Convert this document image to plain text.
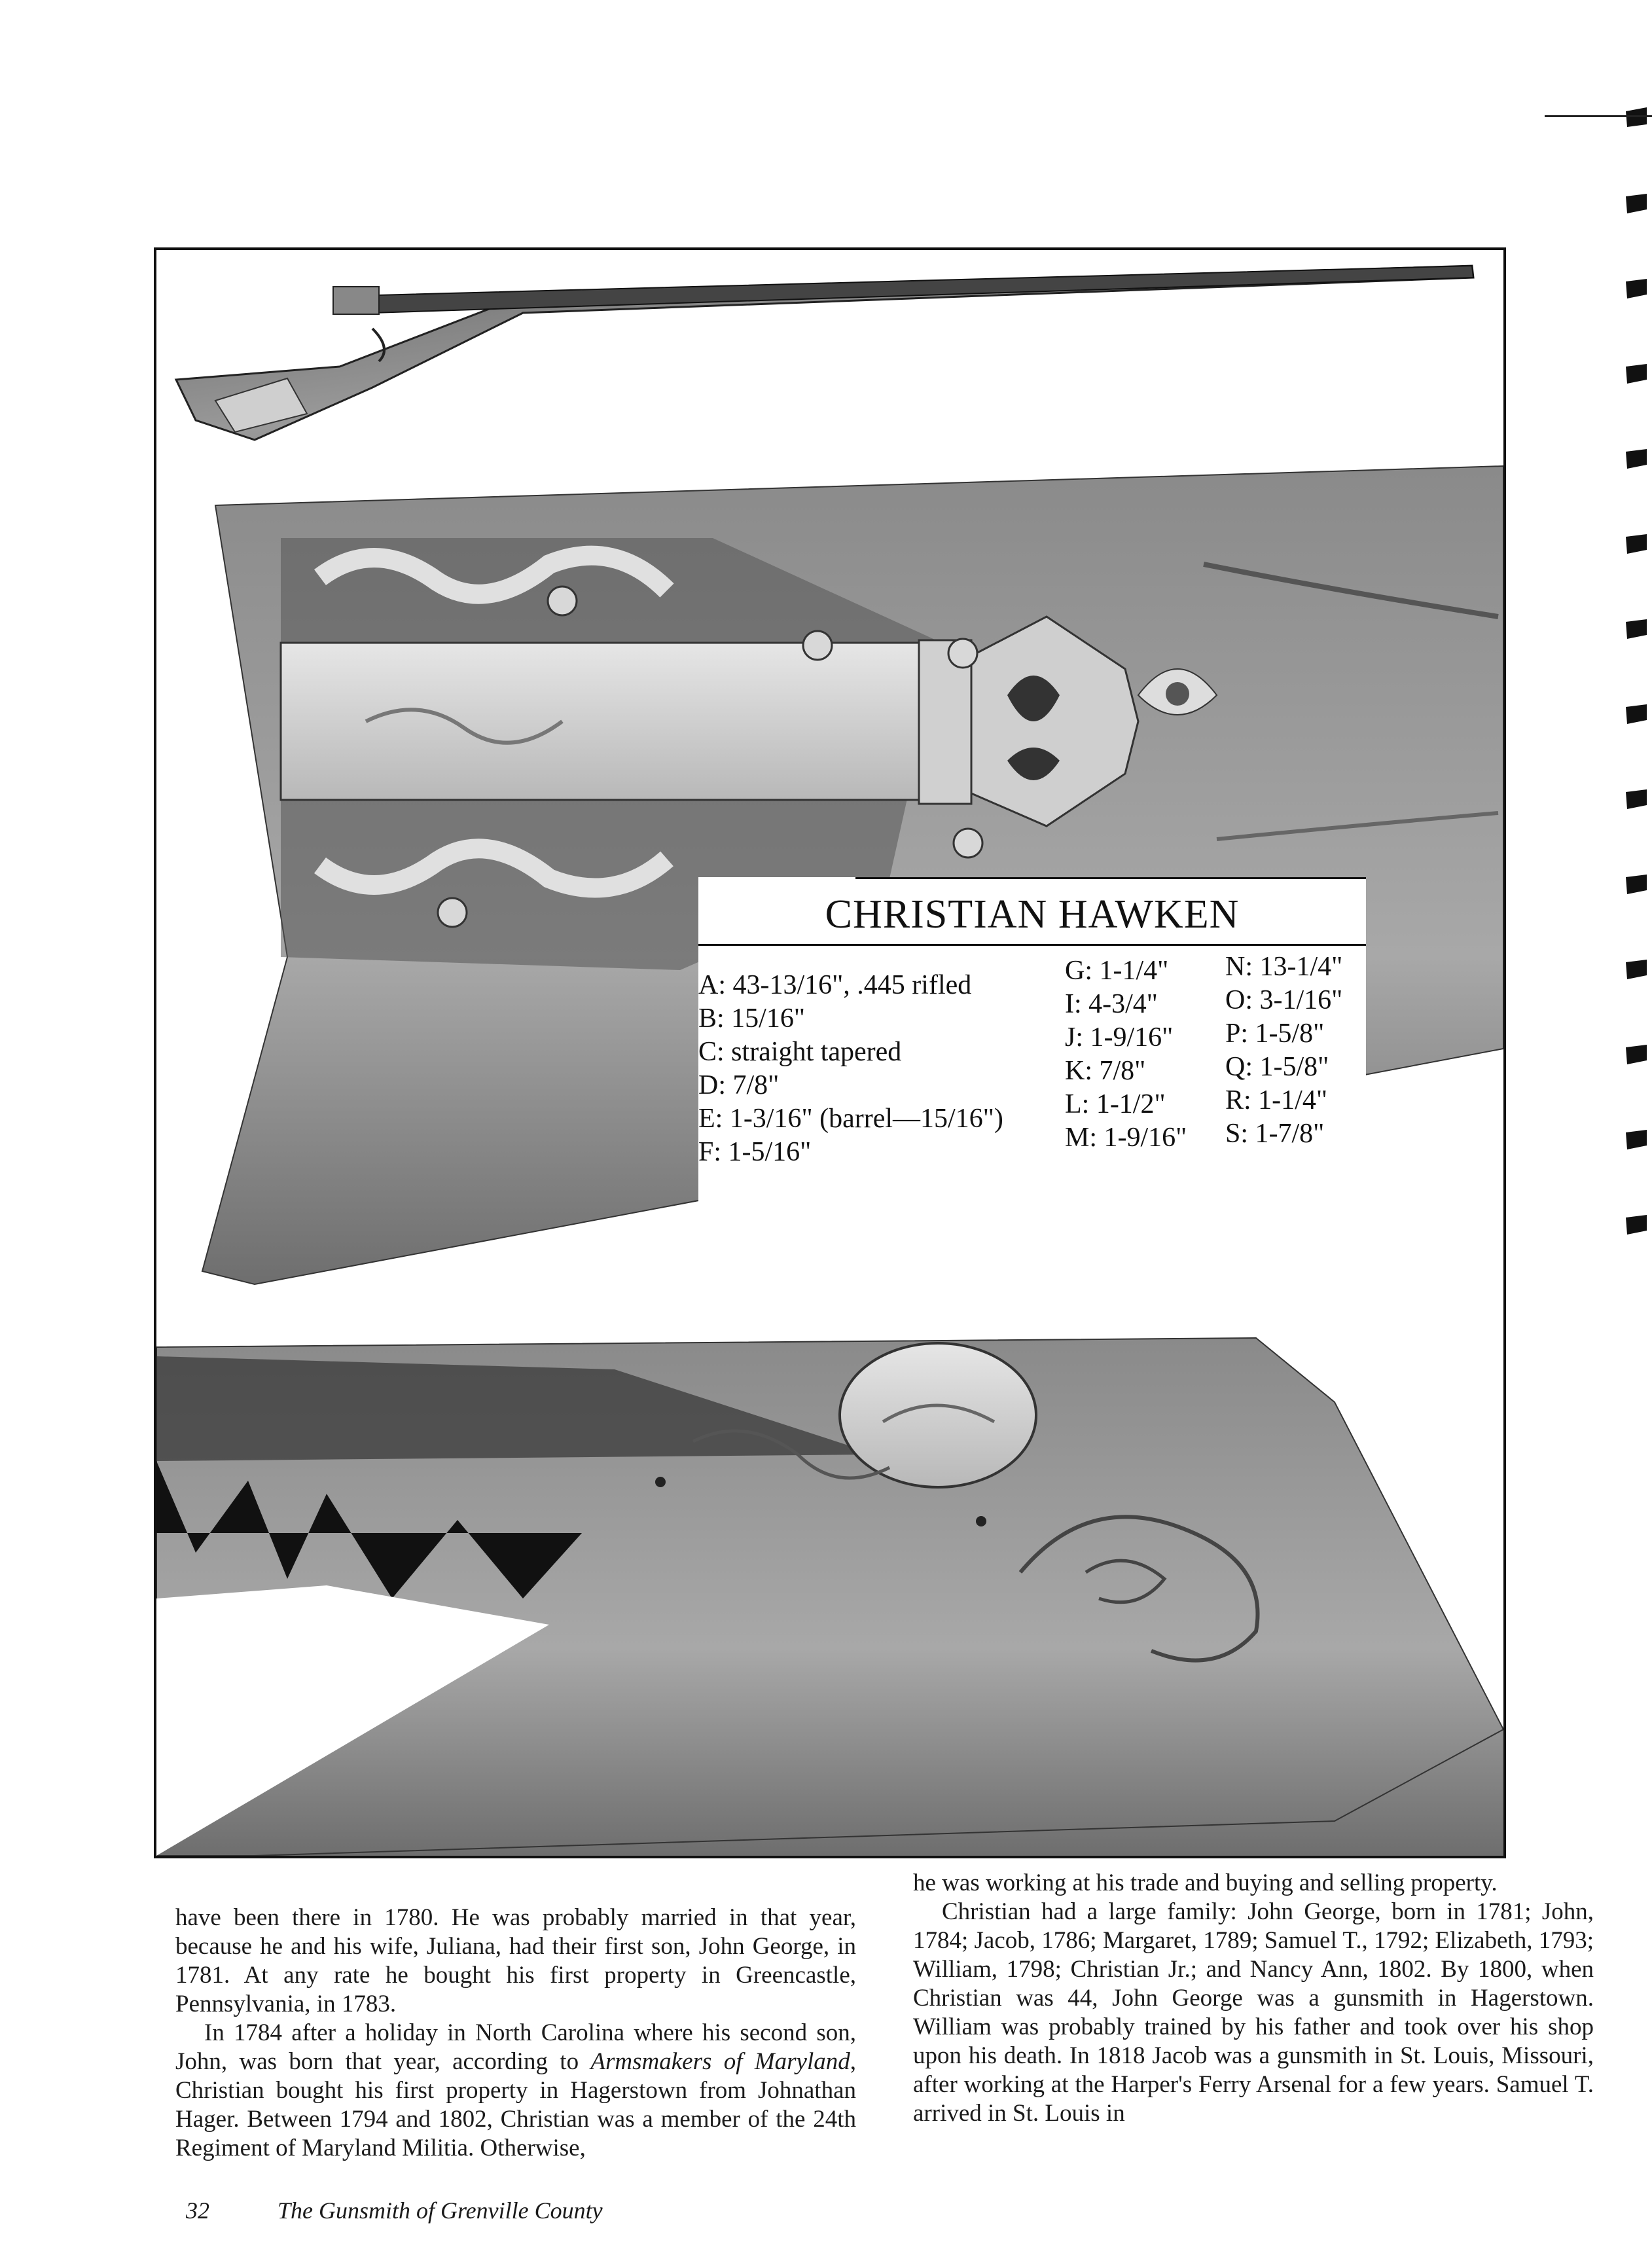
CHRISTIAN HAWKEN
A: 43-13/16", .445 rifled
B: 15/16"
C: straight tapered
D: 7/8"
E: 1-3/16" (barrel—15/16")
F: 1-5/16"
G: 1-1/4"
I: 4-3/4"
J: 1-9/16"
K: 7/8"
L: 1-1/2"
M: 1-9/16"
N: 13-1/4"
O: 3-1/16"
P: 1-5/8"
Q: 1-5/8"
R: 1-1/4"
S: 1-7/8"

have been there in 1780. He was probably married in that year, because he and his wife, Juliana, had their first son, John George, in 1781. At any rate he bought his first property in Greencastle, Pennsylvania, in 1783.

In 1784 after a holiday in North Carolina where his second son, John, was born that year, according to Armsmakers of Maryland, Christian bought his first property in Hagerstown from Johnathan Hager. Between 1794 and 1802, Christian was a member of the 24th Regiment of Maryland Militia. Otherwise,

he was working at his trade and buying and selling property.

Christian had a large family: John George, born in 1781; John, 1784; Jacob, 1786; Margaret, 1789; Samuel T., 1792; Elizabeth, 1793; William, 1798; Christian Jr.; and Nancy Ann, 1802. By 1800, when Christian was 44, John George was a gunsmith in Hagerstown. William was probably trained by his father and took over his shop upon his death. In 1818 Jacob was a gunsmith in St. Louis, Missouri, after working at the Harper's Ferry Arsenal for a few years. Samuel T. arrived in St. Louis in

32	The Gunsmith of Grenville County
